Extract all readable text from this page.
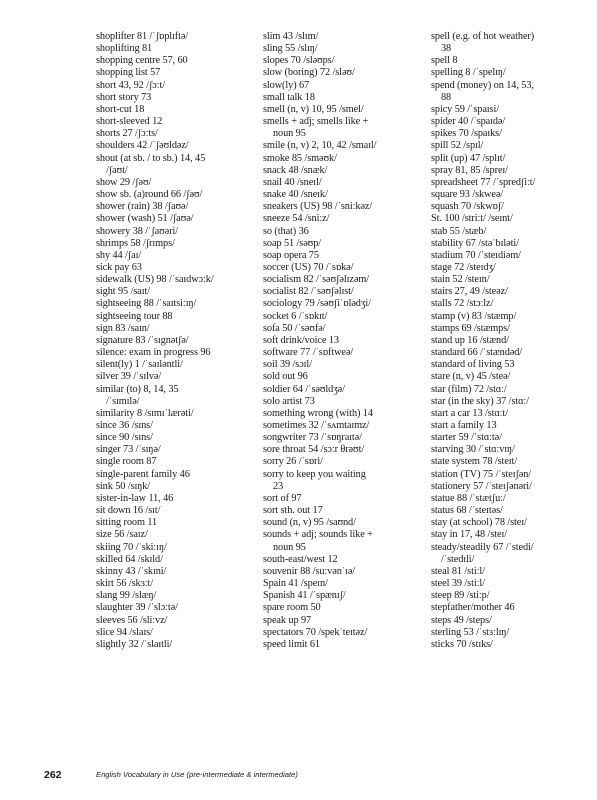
shoplifter 81 /ˈʃɒplɪftə/
shoplifting 81
shopping centre 57, 60
shopping list 57
short 43, 92 /ʃɔːt/
short story 73
short-cut 18
short-sleeved 12
shorts 27 /ʃɔːts/
shoulders 42 /ˈʃəʊldəz/
shout (at sb. / to sb.) 14, 45
/ʃaʊt/
show 29 /ʃəʊ/
show sb. (a)round 66 /ʃəʊ/
shower (rain) 38 /ʃaʊə/
shower (wash) 51 /ʃaʊə/
showery 38 /ˈʃaʊəri/
shrimps 58 /ʃrɪmps/
shy 44 /ʃaɪ/
sick pay 63
sidewalk (US) 98 /ˈsaɪdwɔːk/
sight 95 /saɪt/
sightseeing 88 /ˈsaɪtsiːɪŋ/
sightseeing tour 88
sign 83 /saɪn/
signature 83 /ˈsɪgnətʃə/
silence: exam in progress 96
silent(ly) 1 /ˈsaɪləntli/
silver 39 /ˈsɪlvə/
similar (to) 8, 14, 35
/ˈsɪmɪlə/
similarity 8 /sɪmɪˈlærəti/
since 36 /sɪns/
since 90 /sɪns/
singer 73 /ˈsɪŋə/
single room 87
single-parent family 46
sink 50 /sɪŋk/
sister-in-law 11, 46
sit down 16 /sɪt/
sitting room 11
size 56 /saɪz/
skiing 70 /ˈskiːɪŋ/
skilled 64 /skɪld/
skinny 43 /ˈskɪni/
skirt 56 /skɜːt/
slang 99 /slæŋ/
slaughter 39 /ˈslɔːtə/
sleeves 56 /sliːvz/
slice 94 /slaɪs/
slightly 32 /ˈslaɪtli/
slim 43 /slɪm/
sling 55 /slɪŋ/
slopes 70 /sləʊps/
slow (boring) 72 /sləʊ/
slow(ly) 67
small talk 18
smell (n, v) 10, 95 /smel/
smells + adj; smells like +
noun 95
smile (n, v) 2, 10, 42 /smaɪl/
smoke 85 /sməʊk/
snack 48 /snæk/
snail 40 /sneɪl/
snake 40 /sneɪk/
sneakers (US) 98 /ˈsniːkəz/
sneeze 54 /sniːz/
so (that) 36
soap 51 /səʊp/
soap opera 75
soccer (US) 70 /ˈsɒkə/
socialism 82 /ˈsəʊʃəlɪzəm/
socialist 82 /ˈsəʊʃəlɪst/
sociology 79 /səʊʃiˈɒlədʒi/
socket 6 /ˈsɒkɪt/
sofa 50 /ˈsəʊfə/
soft drink/voice 13
software 77 /ˈsɒftweə/
soil 39 /sɔɪl/
sold out 96
soldier 64 /ˈsəʊldʒə/
solo artist 73
something wrong (with) 14
sometimes 32 /ˈsʌmtaɪmz/
songwriter 73 /ˈsɒŋraɪtə/
sore throat 54 /sɔːr θrəʊt/
sorry 26 /ˈsɒri/
sorry to keep you waiting
23
sort of 97
sort sth. out 17
sound (n, v) 95 /saʊnd/
sounds + adj; sounds like +
noun 95
south-east/west 12
souvenir 88 /suːvənˈɪə/
Spain 41 /speɪn/
Spanish 41 /ˈspænɪʃ/
spare room 50
speak up 97
spectators 70 /spekˈteɪtəz/
speed limit 61
spell (e.g. of hot weather)
38
spell 8
spelling 8 /ˈspelɪŋ/
spend (money) on 14, 53,
88
spicy 59 /ˈspaɪsi/
spider 40 /ˈspaɪdə/
spikes 70 /spaɪks/
spill 52 /spɪl/
split (up) 47 /splɪt/
spray 81, 85 /spreɪ/
spreadsheet 77 /ˈspredʃiːt/
square 93 /skweə/
squash 70 /skwɒʃ/
St. 100 /striːt/ /seɪnt/
stab 55 /stæb/
stability 67 /stəˈbɪləti/
stadium 70 /ˈsteɪdiəm/
stage 72 /steɪdʒ/
stain 52 /steɪn/
stairs 27, 49 /steəz/
stalls 72 /stɔːlz/
stamp (v) 83 /stæmp/
stamps 69 /stæmps/
stand up 16 /stænd/
standard 66 /ˈstændəd/
standard of living 53
stare (n, v) 45 /steə/
star (film) 72 /stɑː/
star (in the sky) 37 /stɑː/
start a car 13 /stɑːt/
start a family 13
starter 59 /ˈstɑːtə/
starving 30 /ˈstɑːvɪŋ/
state system 78 /steɪt/
station (TV) 75 /ˈsteɪʃən/
stationery 57 /ˈsteɪʃənəri/
statue 88 /ˈstætʃuː/
status 68 /ˈsteɪtəs/
stay (at school) 78 /steɪ/
stay in 17, 48 /steɪ/
steady/steadily 67 /ˈstedi/
/ˈstedɪli/
steal 81 /stiːl/
steel 39 /stiːl/
steep 89 /stiːp/
stepfather/mother 46
steps 49 /steps/
sterling 53 /ˈstɜːlɪŋ/
sticks 70 /stɪks/
262	English Vocabulary in Use (pre-intermediate & intermediate)
